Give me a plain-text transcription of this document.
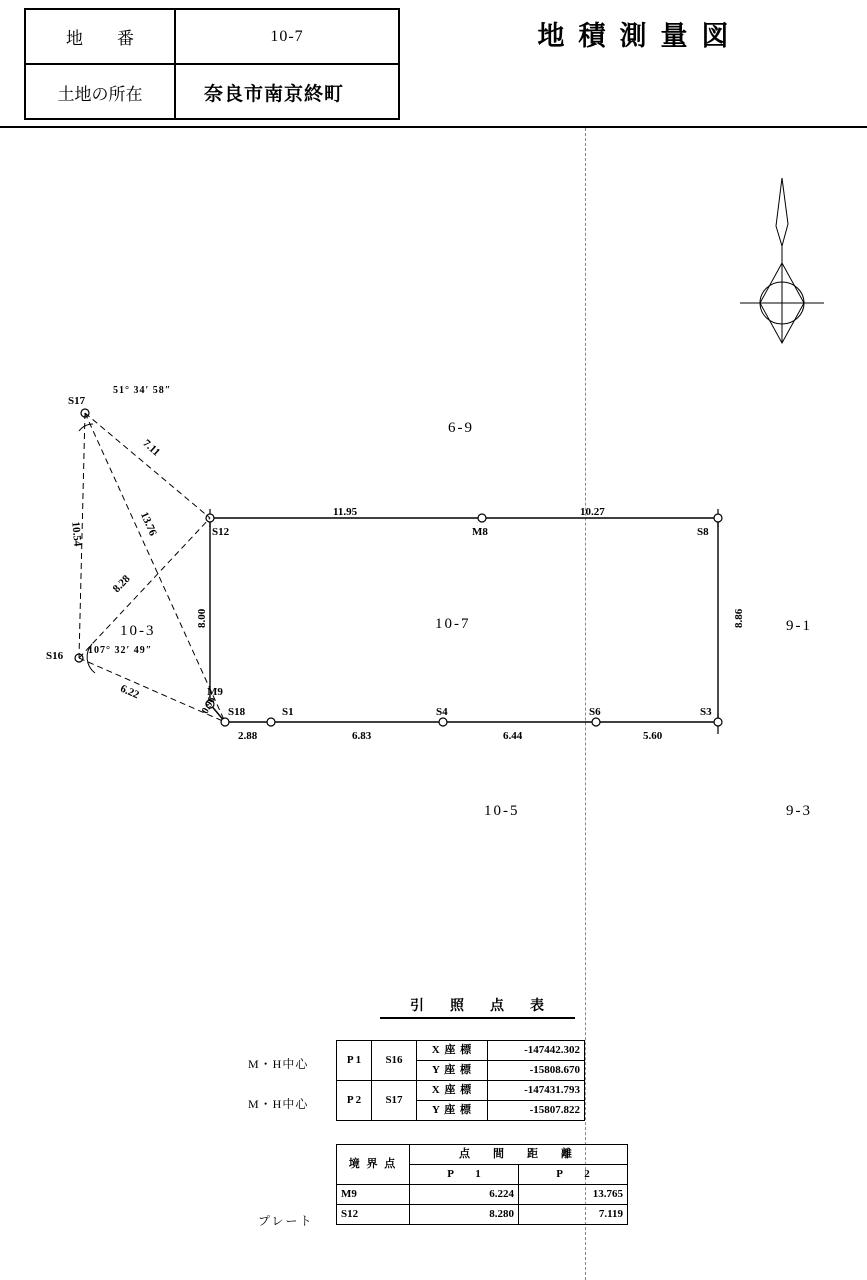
地　　番	10-7
土地の所在	奈良市南京終町
地積測量図
6-9
10-7
10-3
10-5
9-1
9-3
S17
51° 34′ 58″
S16 107° 32′ 49″
S12	M8	S8
M9
S18	S1	S4	S6	S3
11.95	10.27
8.86
8.00
2.88	6.83	6.44	5.60
7.11
13.76
8.28
6.22
10.54
0.96
引　照　点　表
M・H中心
M・H中心
P 1	S16	X 座 標	-147442.302
		Y 座 標	-15808.670
P 2	S17	X 座 標	-147431.793
		Y 座 標	-15807.822
プレート
境 界 点	点　間　距　離	
	P　　1	P　　2
M9	6.224	13.765
S12	8.280	7.119
